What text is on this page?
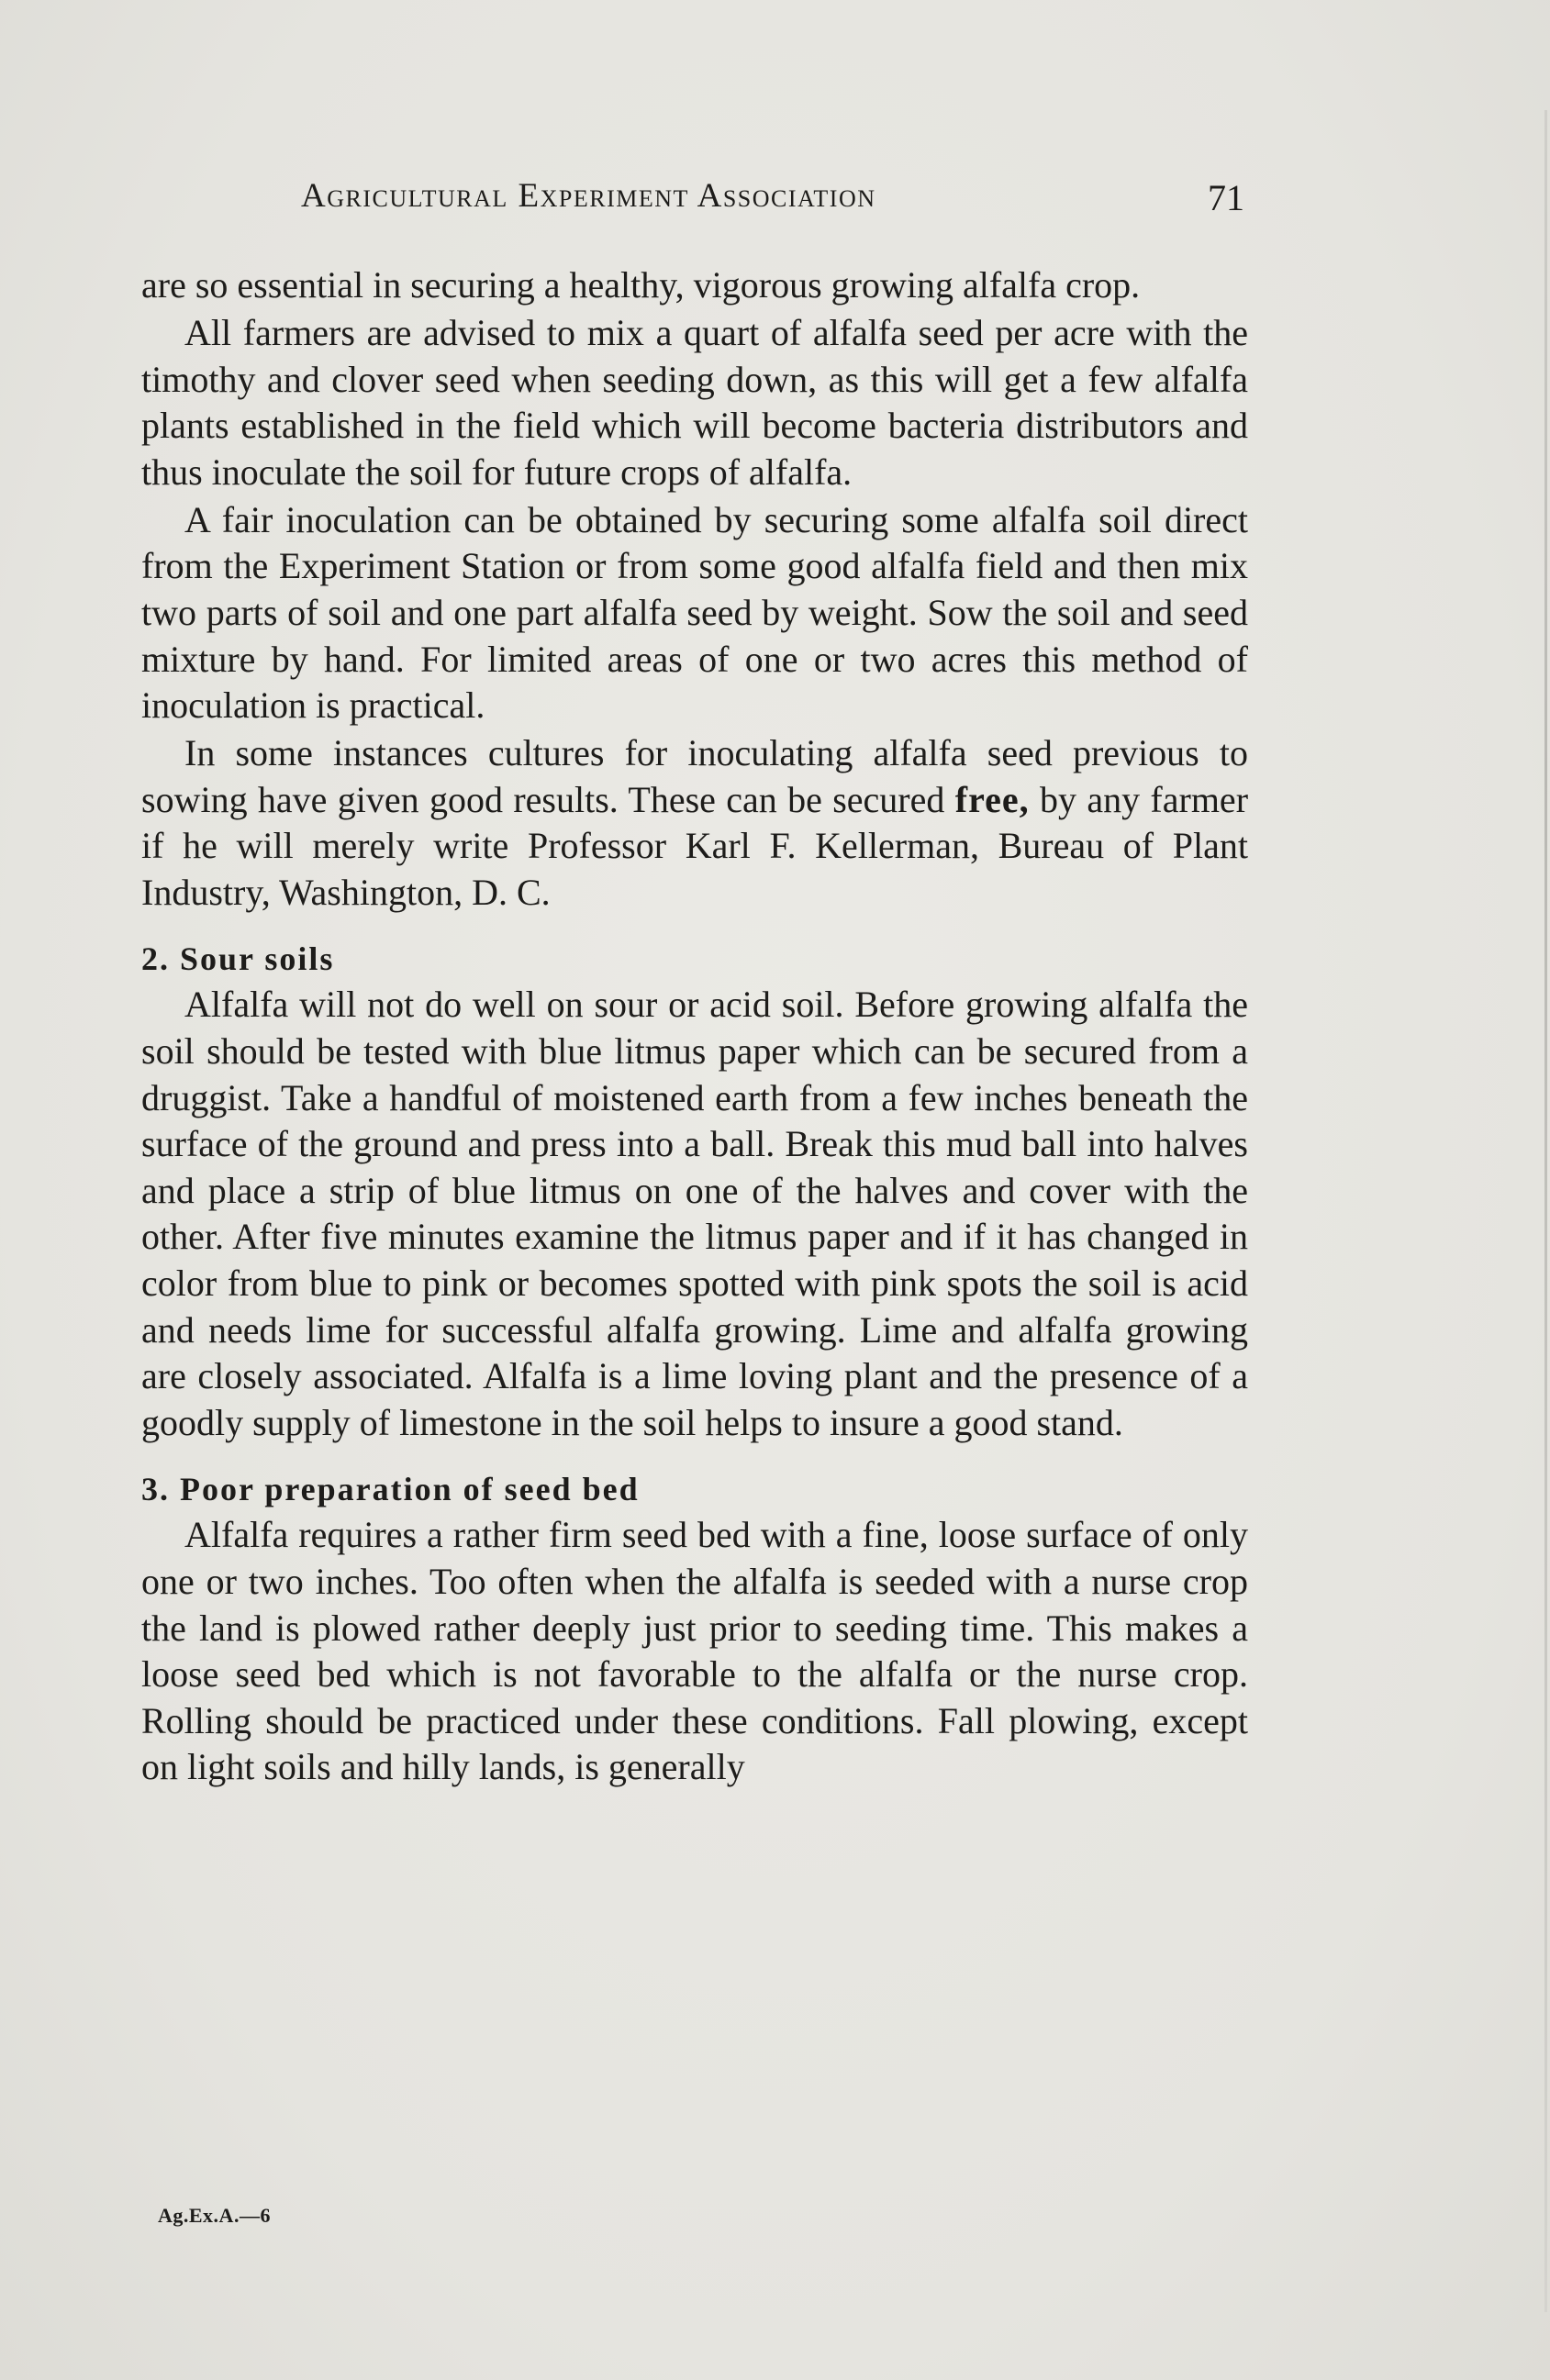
Agricultural Experiment Association	71

are so essential in securing a healthy, vigorous growing alfalfa crop.

All farmers are advised to mix a quart of alfalfa seed per acre with the timothy and clover seed when seeding down, as this will get a few alfalfa plants established in the field which will become bacteria distributors and thus inoculate the soil for future crops of alfalfa.

A fair inoculation can be obtained by securing some alfalfa soil direct from the Experiment Station or from some good alfalfa field and then mix two parts of soil and one part alfalfa seed by weight. Sow the soil and seed mixture by hand. For limited areas of one or two acres this method of inoculation is practical.

In some instances cultures for inoculating alfalfa seed previous to sowing have given good results. These can be secured free, by any farmer if he will merely write Professor Karl F. Kellerman, Bureau of Plant Industry, Washington, D. C.

2. Sour soils

Alfalfa will not do well on sour or acid soil. Before growing alfalfa the soil should be tested with blue litmus paper which can be secured from a druggist. Take a handful of moistened earth from a few inches beneath the surface of the ground and press into a ball. Break this mud ball into halves and place a strip of blue litmus on one of the halves and cover with the other. After five minutes examine the litmus paper and if it has changed in color from blue to pink or becomes spotted with pink spots the soil is acid and needs lime for successful alfalfa growing. Lime and alfalfa growing are closely associated. Alfalfa is a lime loving plant and the presence of a goodly supply of limestone in the soil helps to insure a good stand.

3. Poor preparation of seed bed

Alfalfa requires a rather firm seed bed with a fine, loose surface of only one or two inches. Too often when the alfalfa is seeded with a nurse crop the land is plowed rather deeply just prior to seeding time. This makes a loose seed bed which is not favorable to the alfalfa or the nurse crop. Rolling should be practiced under these conditions. Fall plowing, except on light soils and hilly lands, is generally

Ag.Ex.A.—6
